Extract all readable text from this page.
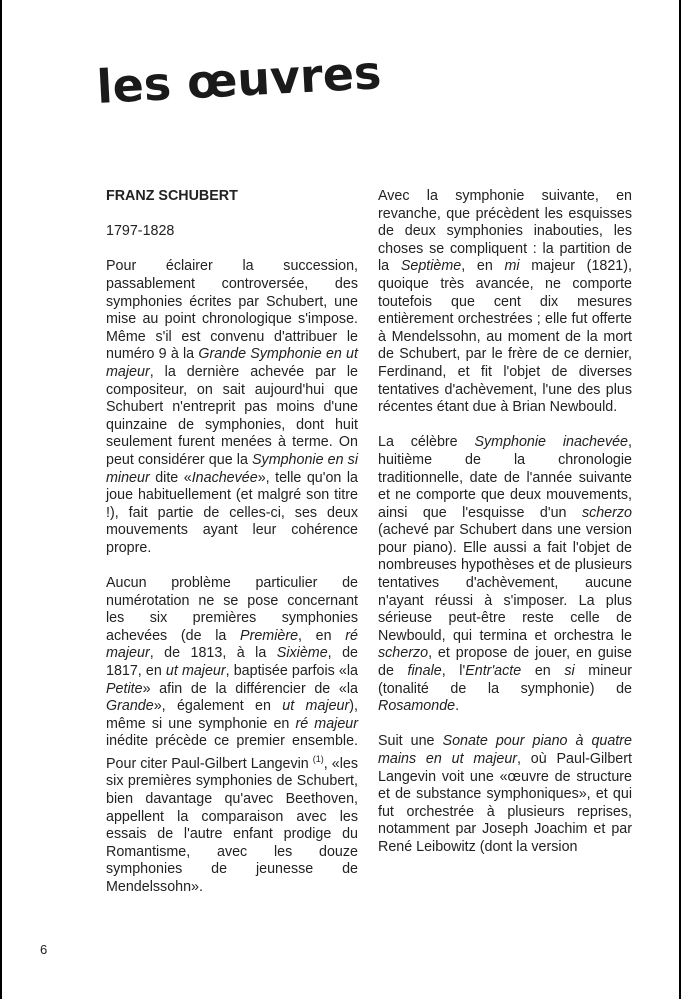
les œuvres

FRANZ SCHUBERT

1797-1828

Pour éclairer la succession, passablement controversée, des symphonies écrites par Schubert, une mise au point chronologique s'impose. Même s'il est convenu d'attribuer le numéro 9 à la Grande Symphonie en ut majeur, la dernière achevée par le compositeur, on sait aujourd'hui que Schubert n'entreprit pas moins d'une quinzaine de symphonies, dont huit seulement furent menées à terme. On peut considérer que la Symphonie en si mineur dite «Inachevée», telle qu'on la joue habituellement (et malgré son titre !), fait partie de celles-ci, ses deux mouvements ayant leur cohérence propre.

Aucun problème particulier de numérotation ne se pose concernant les six premières symphonies achevées (de la Première, en ré majeur, de 1813, à la Sixième, de 1817, en ut majeur, baptisée parfois «la Petite» afin de la différencier de «la Grande», également en ut majeur), même si une symphonie en ré majeur inédite précède ce premier ensemble. Pour citer Paul-Gilbert Langevin $^{(1)}$, «les six premières symphonies de Schubert, bien davantage qu'avec Beethoven, appellent la comparaison avec les essais de l'autre enfant prodige du Romantisme, avec les douze symphonies de jeunesse de Mendelssohn».

Avec la symphonie suivante, en revanche, que précèdent les esquisses de deux symphonies inabouties, les choses se compliquent : la partition de la Septième, en mi majeur (1821), quoique très avancée, ne comporte toutefois que cent dix mesures entièrement orchestrées ; elle fut offerte à Mendelssohn, au moment de la mort de Schubert, par le frère de ce dernier, Ferdinand, et fit l'objet de diverses tentatives d'achèvement, l'une des plus récentes étant due à Brian Newbould.

La célèbre Symphonie inachevée, huitième de la chronologie traditionnelle, date de l'année suivante et ne comporte que deux mouvements, ainsi que l'esquisse d'un scherzo (achevé par Schubert dans une version pour piano). Elle aussi a fait l'objet de nombreuses hypothèses et de plusieurs tentatives d'achèvement, aucune n'ayant réussi à s'imposer. La plus sérieuse peut-être reste celle de Newbould, qui termina et orchestra le scherzo, et propose de jouer, en guise de finale, l'Entr'acte en si mineur (tonalité de la symphonie) de Rosamonde.

Suit une Sonate pour piano à quatre mains en ut majeur, où Paul-Gilbert Langevin voit une «œuvre de structure et de substance symphoniques», et qui fut orchestrée à plusieurs reprises, notamment par Joseph Joachim et par René Leibowitz (dont la version

6
